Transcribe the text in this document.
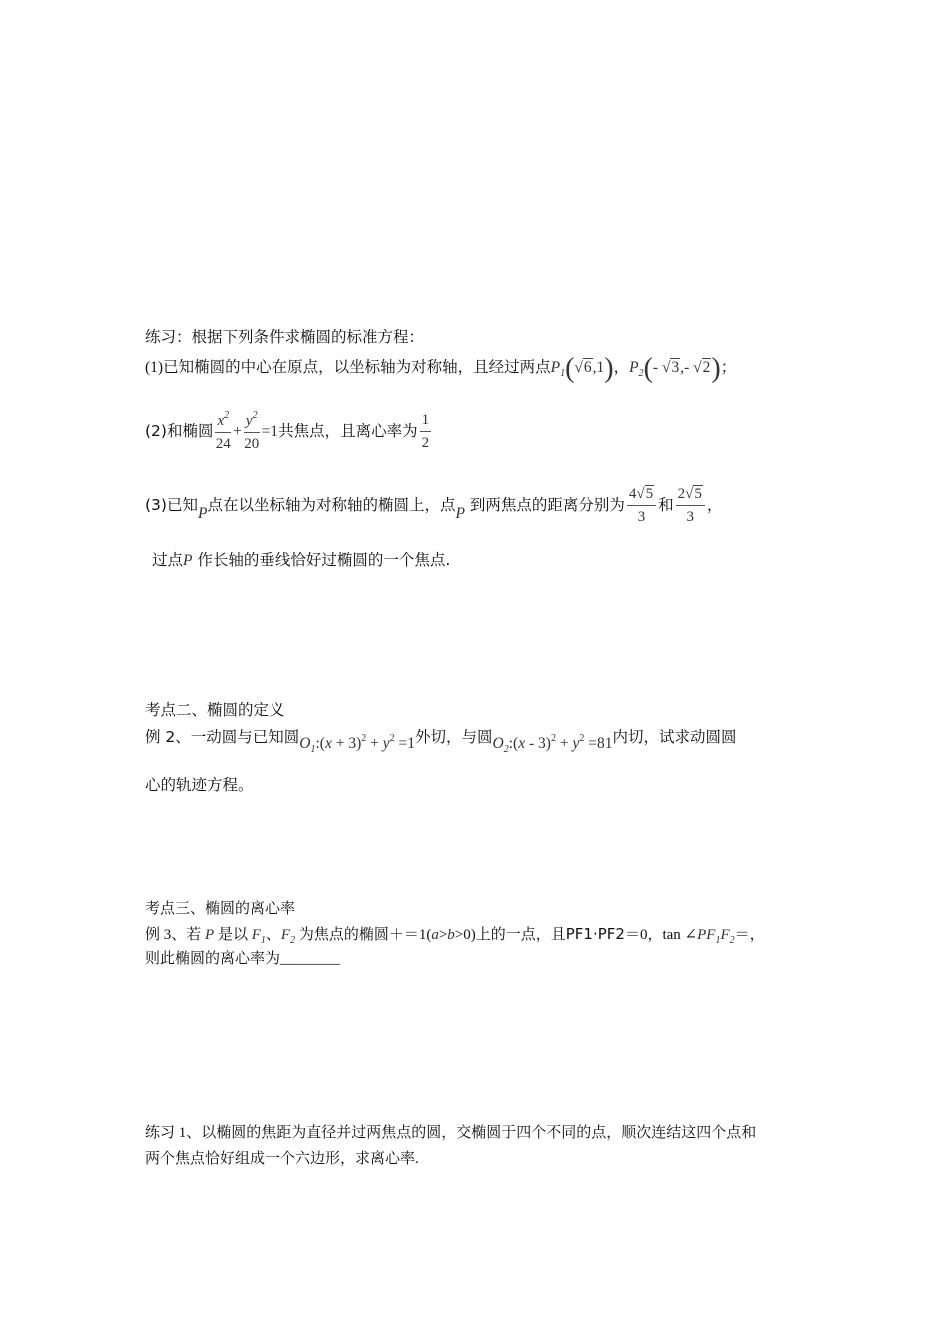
练习：根据下列条件求椭圆的标准方程：
(1)已知椭圆的中心在原点，以坐标轴为对称轴，且经过两点$P_1(√6,1)$，$P_2(-$ √3,- √2)；
(2)和椭圆 $\frac{x^2}{24} + \frac{y^2}{20} =1$共焦点，且离心率为 $\frac{1}{2}$
(3)已知P点在以坐标轴为对称轴的椭圆上，点P 到两焦点的距离分别为 $\frac{4√5}{3}$ 和 $\frac{2√5}{3}$ ，
过点P 作长轴的垂线恰好过椭圆的一个焦点.
考点二、椭圆的定义
例 2、一动圆与已知圆$O_1:(x + 3)^2 + y^2 =1$外切，与圆$O_2:(x - 3)^2 + y^2 =81$内切，试求动圆圆
心的轨迹方程。
考点三、椭圆的离心率
例 3、若 P 是以 $F_1$、$F_2$ 为焦点的椭圆＋＝1(a>b>0)上的一点，且PF1·PF2＝0，$\tan \angle PF_1F_2=$，
则此椭圆的离心率为________
练习 1、以椭圆的焦距为直径并过两焦点的圆，交椭圆于四个不同的点，顺次连结这四个点和
两个焦点恰好组成一个六边形，求离心率.
